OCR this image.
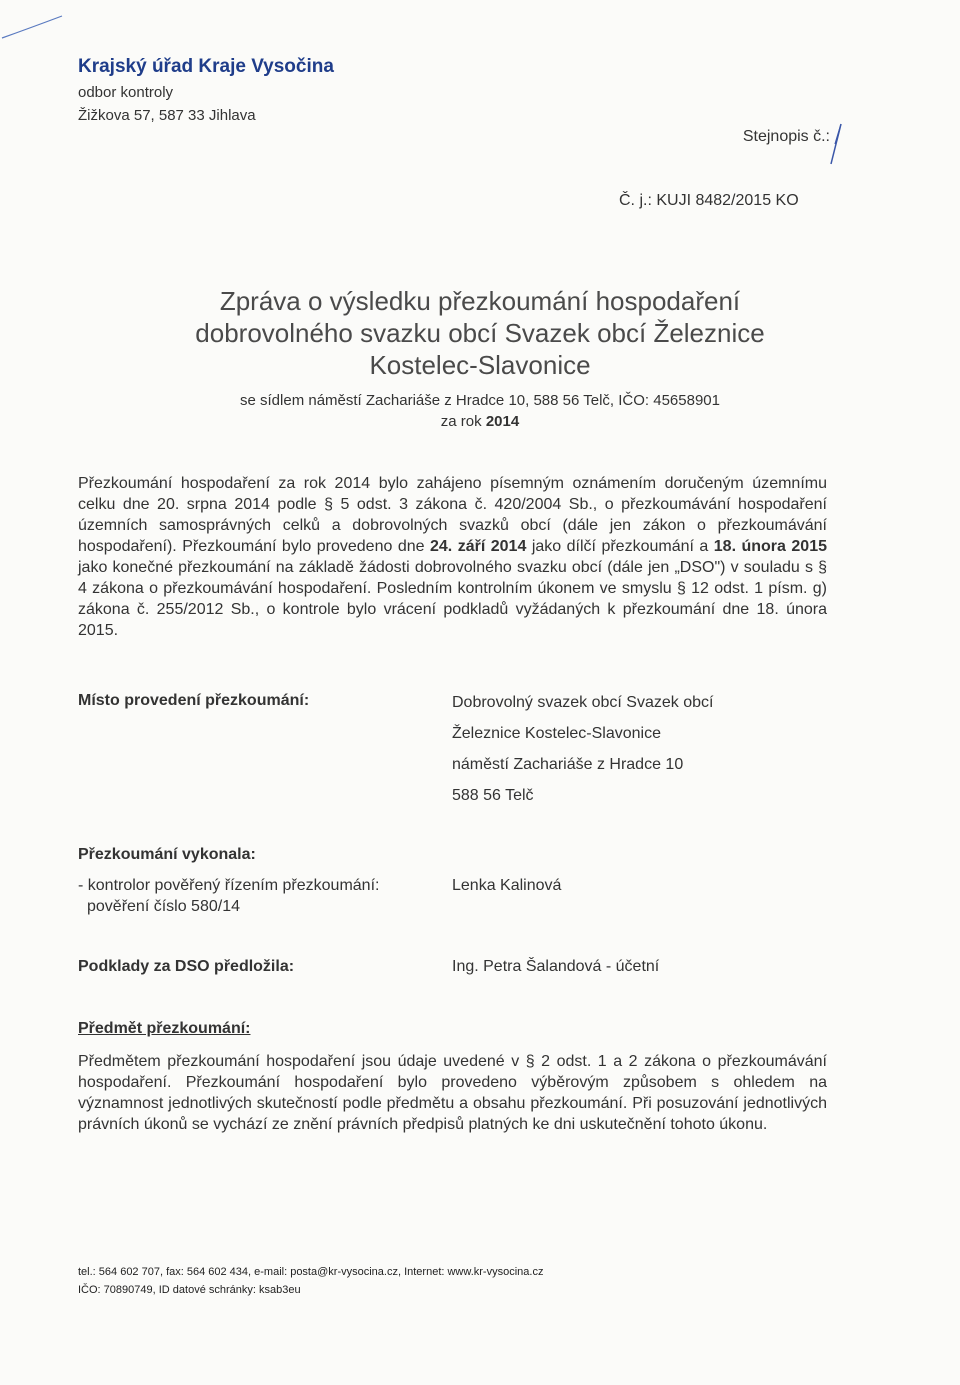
Krajský úřad Kraje Vysočina

odbor kontroly

Žižkova 57, 587 33 Jihlava

Stejnopis č.:
Č. j.: KUJI 8482/2015 KO

Zpráva o výsledku přezkoumání hospodaření

dobrovolného svazku obcí Svazek obcí Železnice

Kostelec-Slavonice

se sídlem náměstí Zachariáše z Hradce 10, 588 56 Telč, IČO: 45658901

za rok 2014

Přezkoumání hospodaření za rok 2014 bylo zahájeno písemným oznámením doručeným územnímu celku dne 20. srpna 2014 podle § 5 odst. 3 zákona č. 420/2004 Sb., o přezkoumávání hospodaření územních samosprávných celků a dobrovolných svazků obcí (dále jen zákon o přezkoumávání hospodaření). Přezkoumání bylo provedeno dne 24. září 2014 jako dílčí přezkoumání a 18. února 2015 jako konečné přezkoumání na základě žádosti dobrovolného svazku obcí (dále jen „DSO") v souladu s § 4 zákona o přezkoumávání hospodaření. Posledním kontrolním úkonem ve smyslu § 12 odst. 1 písm. g) zákona č. 255/2012 Sb., o kontrole bylo vrácení podkladů vyžádaných k přezkoumání dne 18. února 2015.

Místo provedení přezkoumání:	Dobrovolný svazek obcí Svazek obcí
Železnice Kostelec-Slavonice
náměstí Zachariáše z Hradce 10
588 56 Telč

Přezkoumání vykonala:

- kontrolor pověřený řízením přezkoumání:

pověření číslo 580/14

Lenka Kalinová

Podklady za DSO předložila:	Ing. Petra Šalandová - účetní

Předmět přezkoumání:

Předmětem přezkoumání hospodaření jsou údaje uvedené v § 2 odst. 1 a 2 zákona o přezkoumávání hospodaření. Přezkoumání hospodaření bylo provedeno výběrovým způsobem s ohledem na významnost jednotlivých skutečností podle předmětu a obsahu přezkoumání. Při posuzování jednotlivých právních úkonů se vychází ze znění právních předpisů platných ke dni uskutečnění tohoto úkonu.

tel.: 564 602 707, fax: 564 602 434, e-mail: posta@kr-vysocina.cz, Internet: www.kr-vysocina.cz
IČO: 70890749, ID datové schránky: ksab3eu
